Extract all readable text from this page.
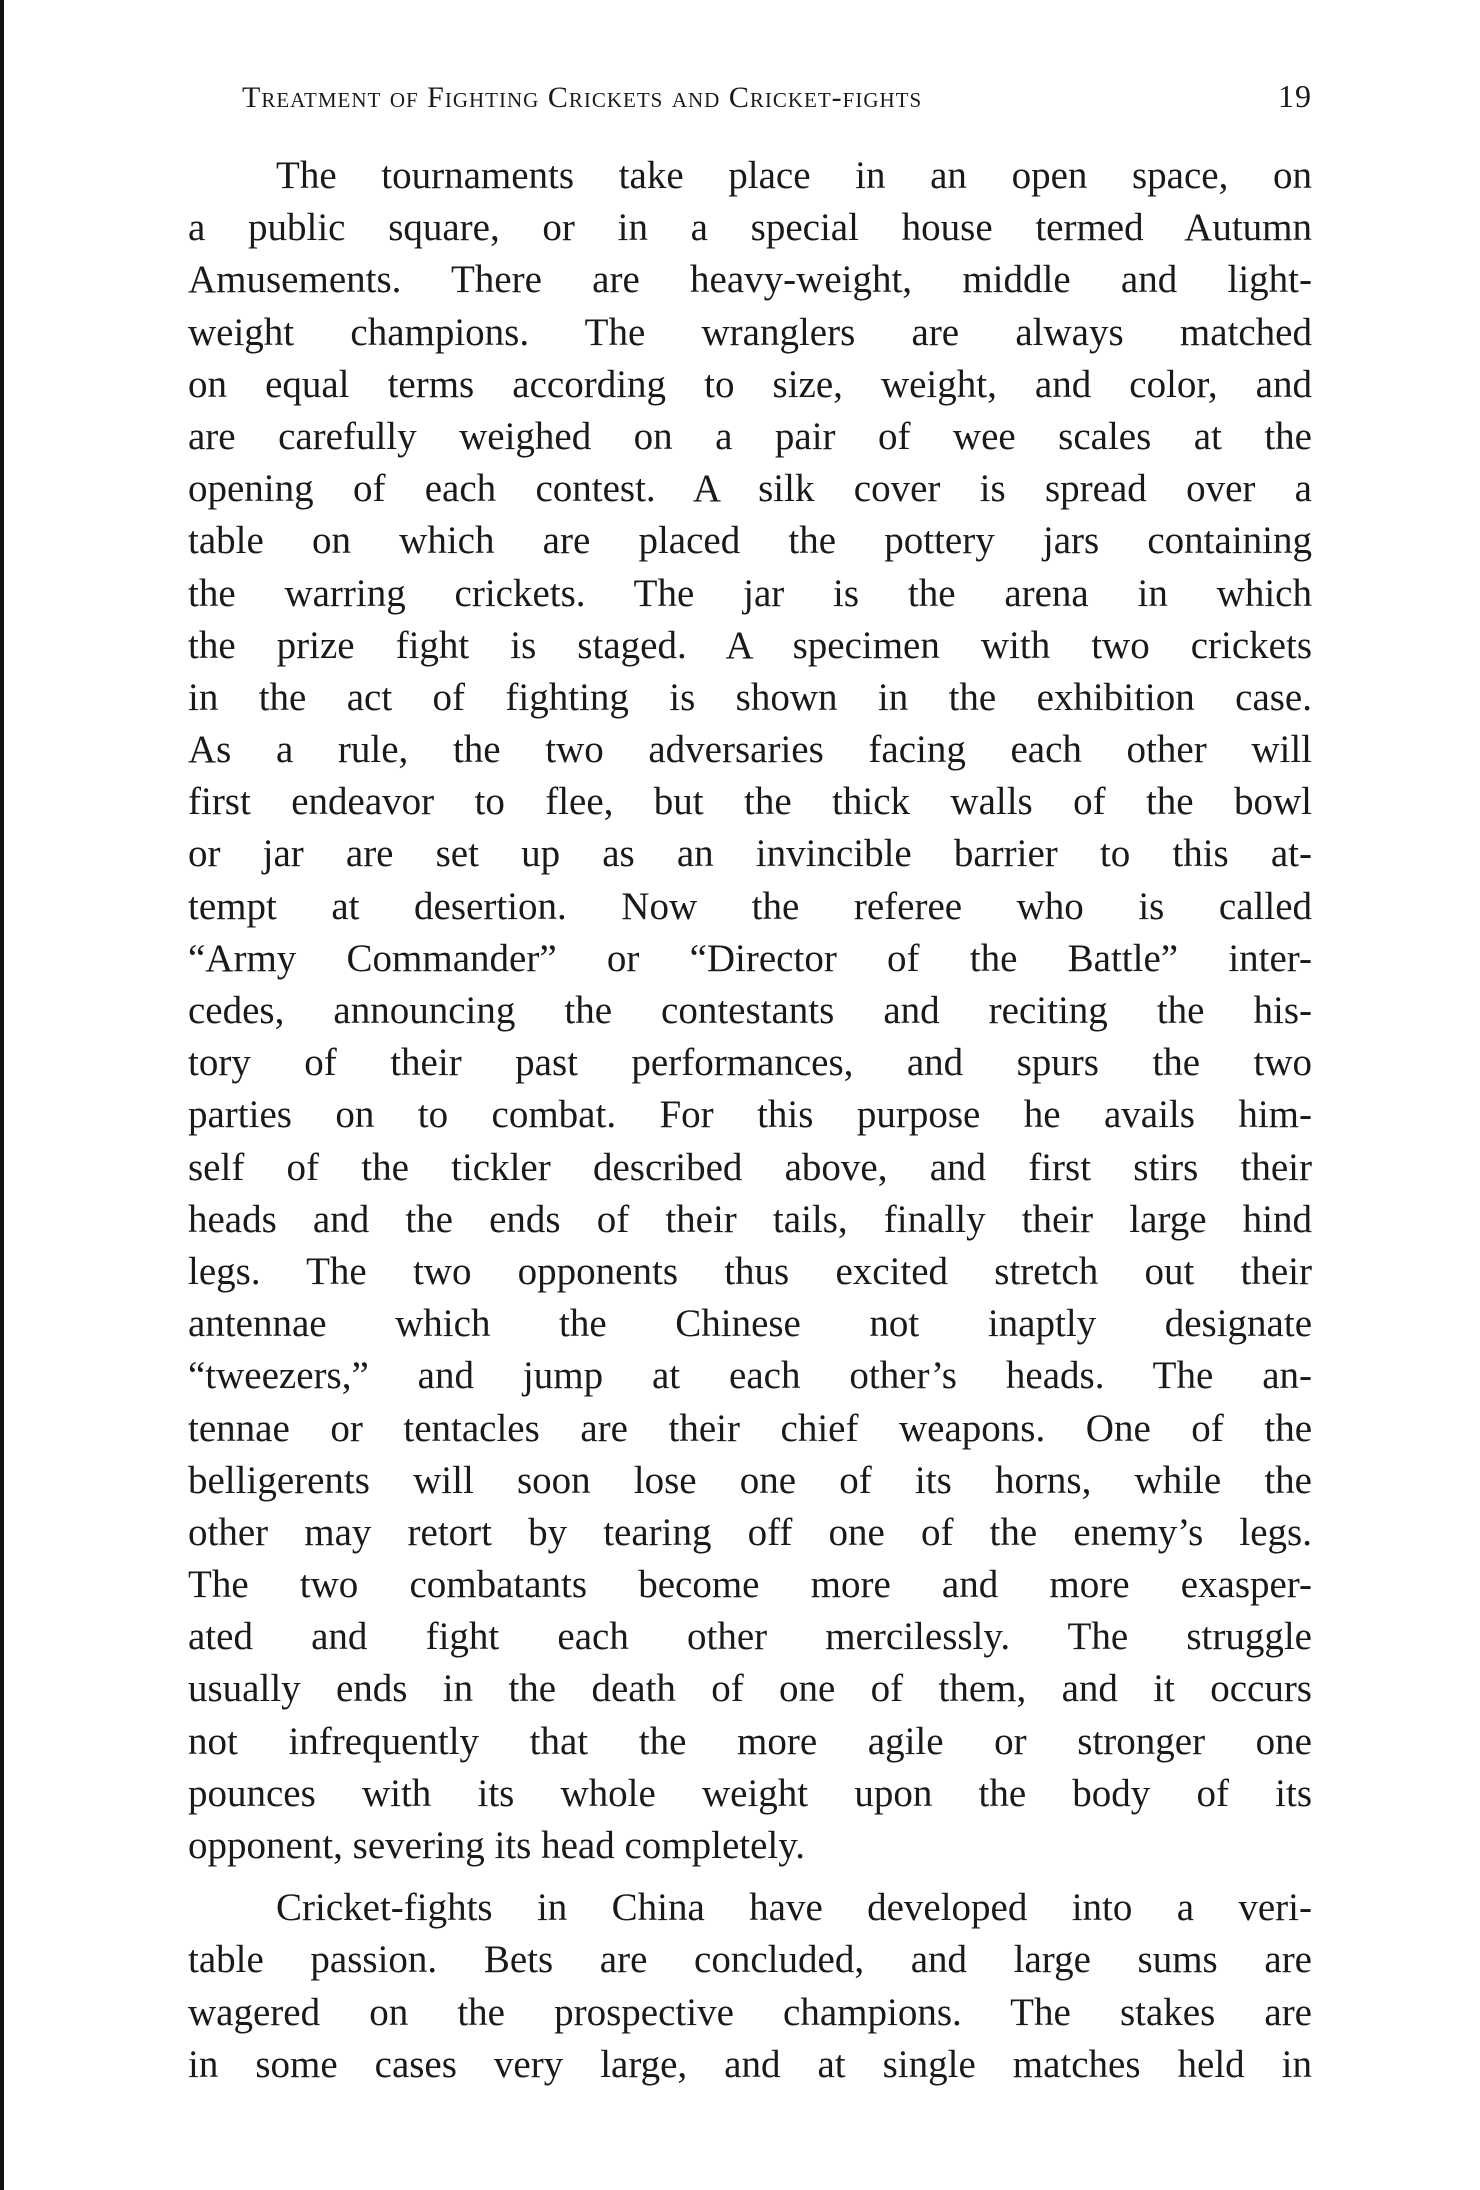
Treatment of Fighting Crickets and Cricket-fights	19
The tournaments take place in an open space, on
a public square, or in a special house termed Autumn
Amusements. There are heavy-weight, middle and light-
weight champions. The wranglers are always matched
on equal terms according to size, weight, and color, and
are carefully weighed on a pair of wee scales at the
opening of each contest. A silk cover is spread over a
table on which are placed the pottery jars containing
the warring crickets. The jar is the arena in which
the prize fight is staged. A specimen with two crickets
in the act of fighting is shown in the exhibition case.
As a rule, the two adversaries facing each other will
first endeavor to flee, but the thick walls of the bowl
or jar are set up as an invincible barrier to this at-
tempt at desertion. Now the referee who is called
“Army Commander” or “Director of the Battle” inter-
cedes, announcing the contestants and reciting the his-
tory of their past performances, and spurs the two
parties on to combat. For this purpose he avails him-
self of the tickler described above, and first stirs their
heads and the ends of their tails, finally their large hind
legs. The two opponents thus excited stretch out their
antennae which the Chinese not inaptly designate
“tweezers,” and jump at each other’s heads. The an-
tennae or tentacles are their chief weapons. One of the
belligerents will soon lose one of its horns, while the
other may retort by tearing off one of the enemy’s legs.
The two combatants become more and more exasper-
ated and fight each other mercilessly. The struggle
usually ends in the death of one of them, and it occurs
not infrequently that the more agile or stronger one
pounces with its whole weight upon the body of its
opponent, severing its head completely.
Cricket-fights in China have developed into a veri-
table passion. Bets are concluded, and large sums are
wagered on the prospective champions. The stakes are
in some cases very large, and at single matches held in
